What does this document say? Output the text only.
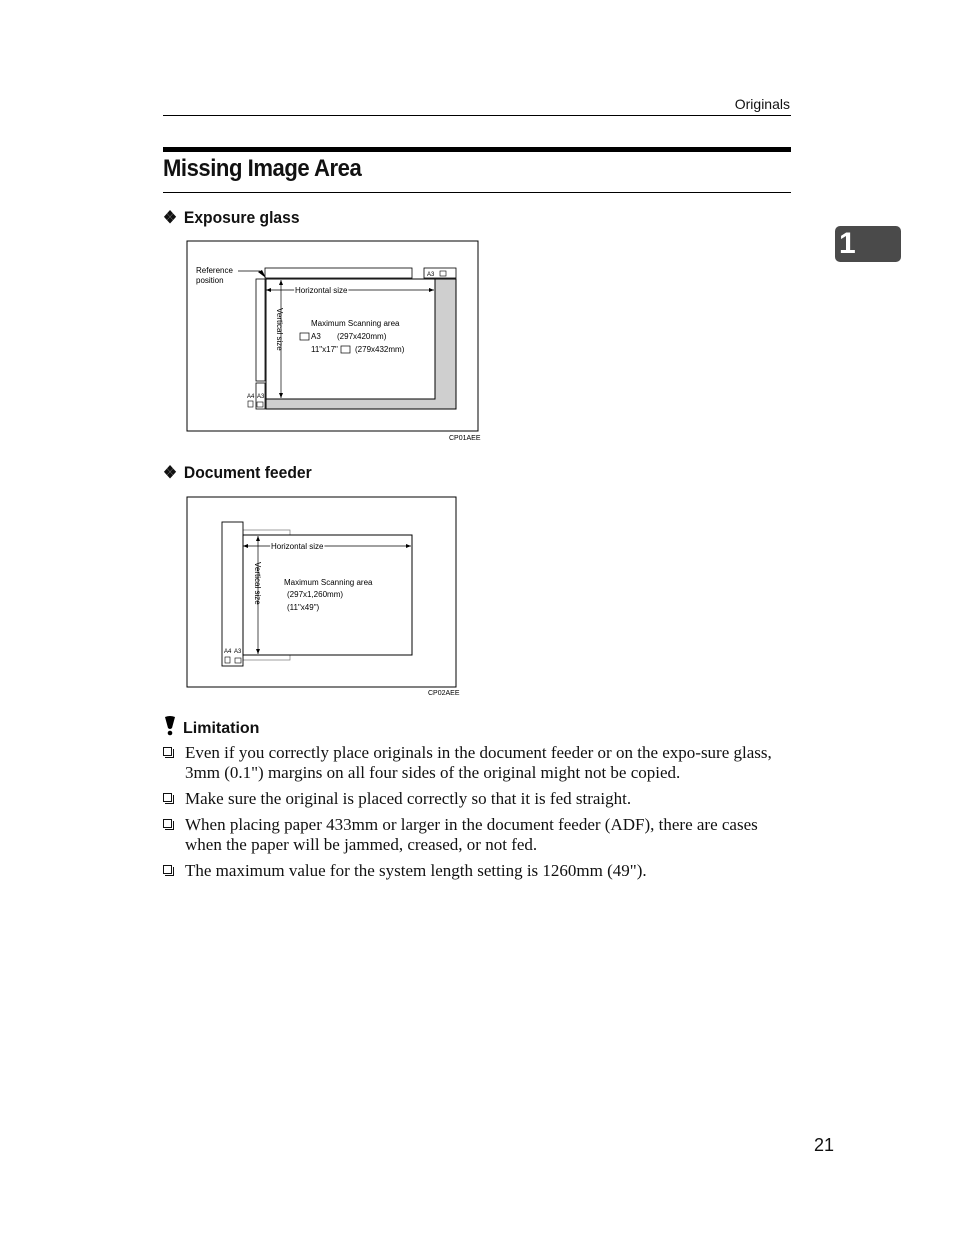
Originals
Missing Image Area
1
❖ Exposure glass
Reference
position
Horizontal size
Vertical size	Maximum Scanning area
A3 (297x420mm)
11"x17" (279x432mm)
A3
A4 A3
CP01AEE
❖ Document feeder
Horizontal size
Vertical size	Maximum Scanning area
(297x1,260mm)
(11"x49")
A4 A3
CP02AEE
Limitation
Even if you correctly place originals in the document feeder or on the expo-sure glass, 3mm (0.1") margins on all four sides of the original might not be copied.
Make sure the original is placed correctly so that it is fed straight.
When placing paper 433mm or larger in the document feeder (ADF), there are cases when the paper will be jammed, creased, or not fed.
The maximum value for the system length setting is 1260mm (49").
21
